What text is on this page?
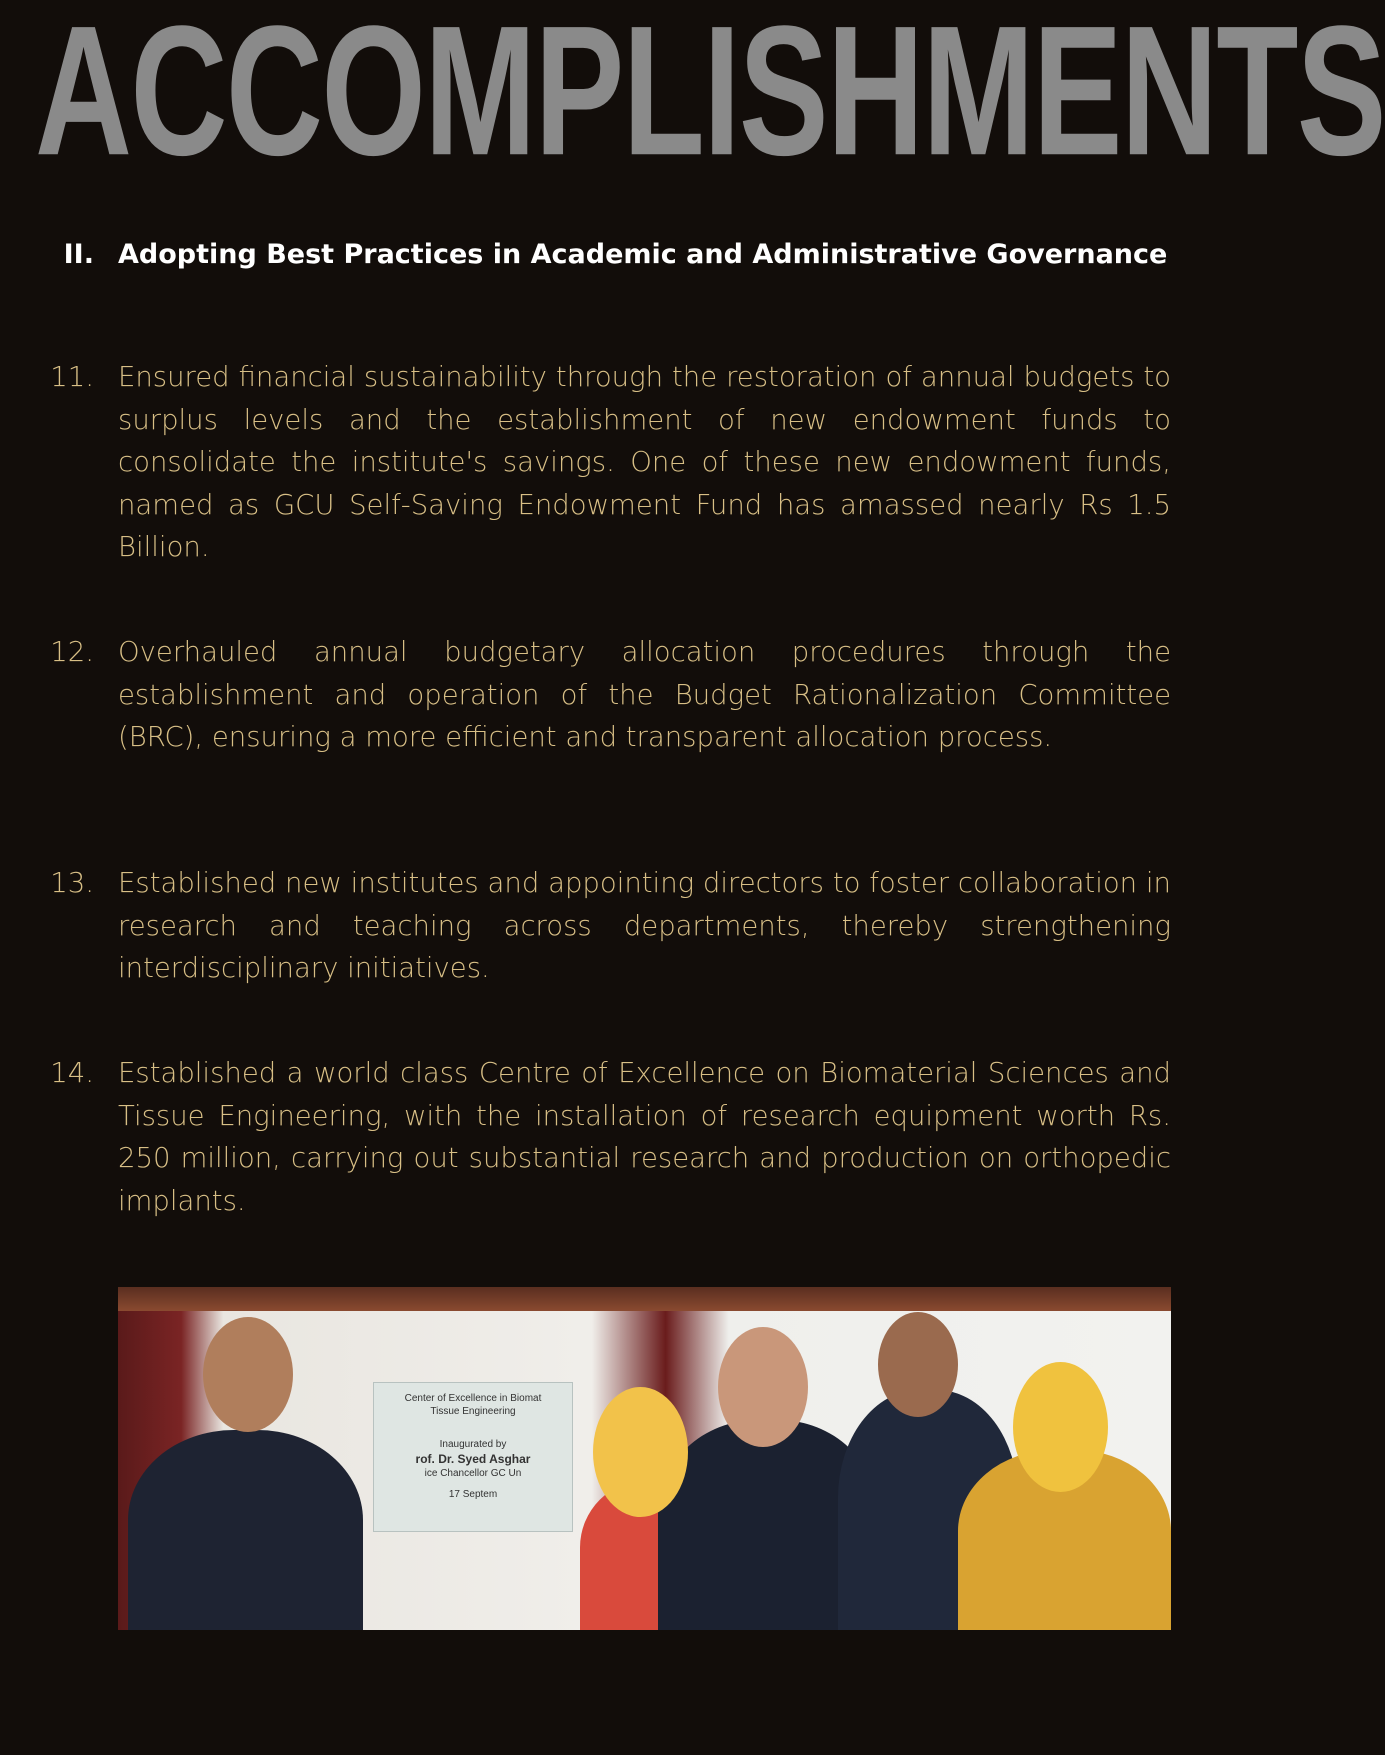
ACCOMPLISHMENTS
II. Adopting Best Practices in Academic and Administrative Governance
11. Ensured financial sustainability through the restoration of annual budgets to surplus levels and the establishment of new endowment funds to consolidate the institute's savings. One of these new endowment funds, named as GCU Self-Saving Endowment Fund has amassed nearly Rs 1.5 Billion.
12. Overhauled annual budgetary allocation procedures through the establishment and operation of the Budget Rationalization Committee (BRC), ensuring a more efficient and transparent allocation process.
13. Established new institutes and appointing directors to foster collaboration in research and teaching across departments, thereby strengthening interdisciplinary initiatives.
14. Established a world class Centre of Excellence on Biomaterial Sciences and Tissue Engineering, with the installation of research equipment worth Rs. 250 million, carrying out substantial research and production on orthopedic implants.
Center of Excellence in Biomat
Tissue Engineering
Inaugurated by
rof. Dr. Syed Asghar
ice Chancellor GC Un
17 Septem
